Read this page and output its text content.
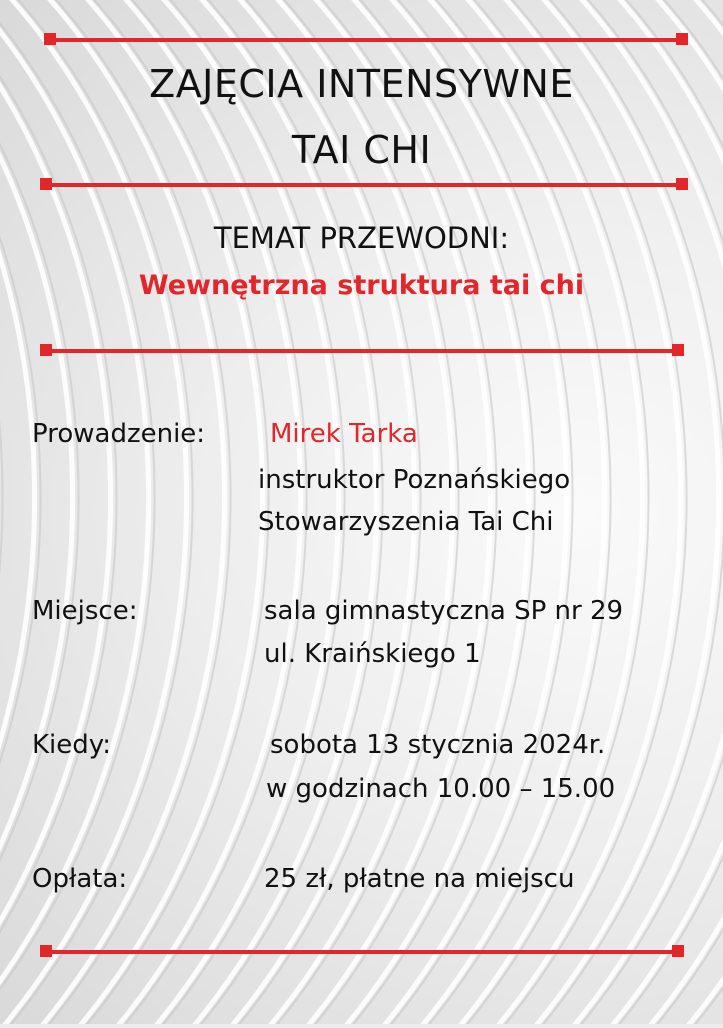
ZAJĘCIA INTENSYWNE
TAI CHI
TEMAT PRZEWODNI:
Wewnętrzna struktura tai chi
Prowadzenie: Mirek Tarka
instruktor Poznańskiego
Stowarzyszenia Tai Chi
Miejsce:	sala gimnastyczna SP nr 29
ul. Kraińskiego 1
Kiedy:	sobota 13 stycznia 2024r.
w godzinach 10.00 – 15.00
Opłata:	25 zł, płatne na miejscu
